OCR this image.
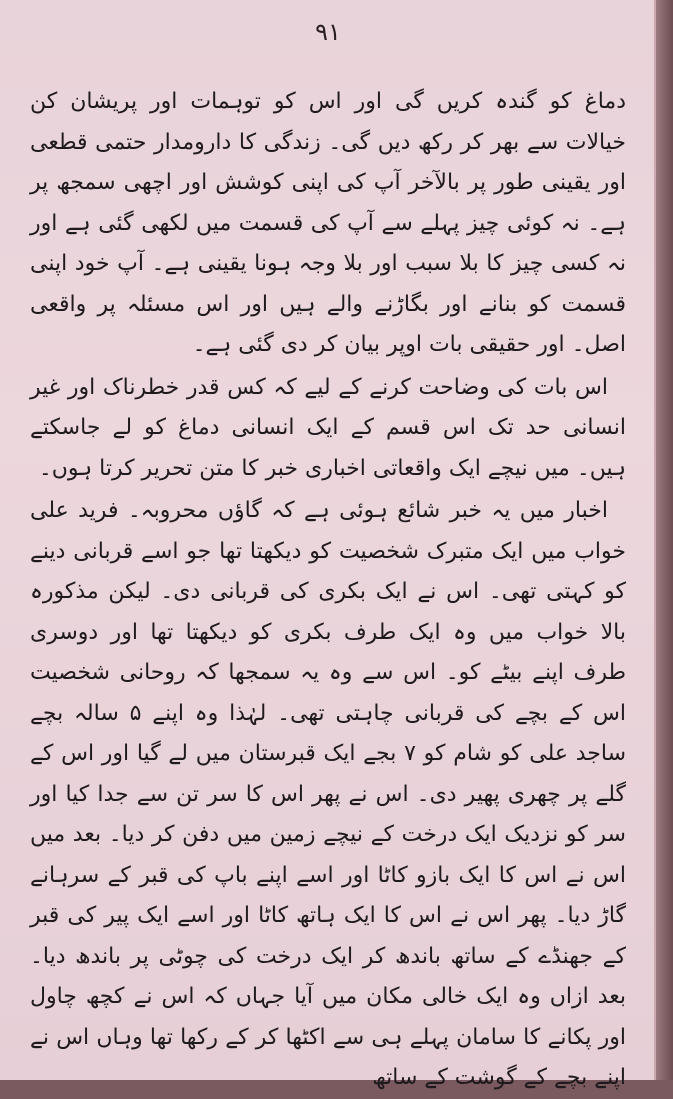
۹۱

دماغ کو گندہ کریں گی اور اس کو توہمات اور پریشان کن خیالات سے بھر کر رکھ دیں گی۔ زندگی کا دارومدار حتمی قطعی اور یقینی طور پر بالآخر آپ کی اپنی کوشش اور اچھی سمجھ پر ہے۔ نہ کوئی چیز پہلے سے آپ کی قسمت میں لکھی گئی ہے اور نہ کسی چیز کا بلا سبب اور بلا وجہ ہونا یقینی ہے۔ آپ خود اپنی قسمت کو بنانے اور بگاڑنے والے ہیں اور اس مسئلہ پر واقعی اصل۔ اور حقیقی بات اوپر بیان کر دی گئی ہے۔

اس بات کی وضاحت کرنے کے لیے کہ کس قدر خطرناک اور غیر انسانی حد تک اس قسم کے ایک انسانی دماغ کو لے جاسکتے ہیں۔ میں نیچے ایک واقعاتی اخباری خبر کا متن تحریر کرتا ہوں۔

اخبار میں یہ خبر شائع ہوئی ہے کہ گاؤں محروبہ۔ فرید علی خواب میں ایک متبرک شخصیت کو دیکھتا تھا جو اسے قربانی دینے کو کہتی تھی۔ اس نے ایک بکری کی قربانی دی۔ لیکن مذکورہ بالا خواب میں وہ ایک طرف بکری کو دیکھتا تھا اور دوسری طرف اپنے بیٹے کو۔ اس سے وہ یہ سمجھا کہ روحانی شخصیت اس کے بچے کی قربانی چاہتی تھی۔ لہٰذا وہ اپنے ۵ سالہ بچے ساجد علی کو شام کو ۷ بجے ایک قبرستان میں لے گیا اور اس کے گلے پر چھری پھیر دی۔ اس نے پھر اس کا سر تن سے جدا کیا اور سر کو نزدیک ایک درخت کے نیچے زمین میں دفن کر دیا۔ بعد میں اس نے اس کا ایک بازو کاٹا اور اسے اپنے باپ کی قبر کے سرہانے گاڑ دیا۔ پھر اس نے اس کا ایک ہاتھ کاٹا اور اسے ایک پیر کی قبر کے جھنڈے کے ساتھ باندھ کر ایک درخت کی چوٹی پر باندھ دیا۔ بعد ازاں وہ ایک خالی مکان میں آیا جہاں کہ اس نے کچھ چاول اور پکانے کا سامان پہلے ہی سے اکٹھا کر کے رکھا تھا وہاں اس نے اپنے بچے کے گوشت کے ساتھ
